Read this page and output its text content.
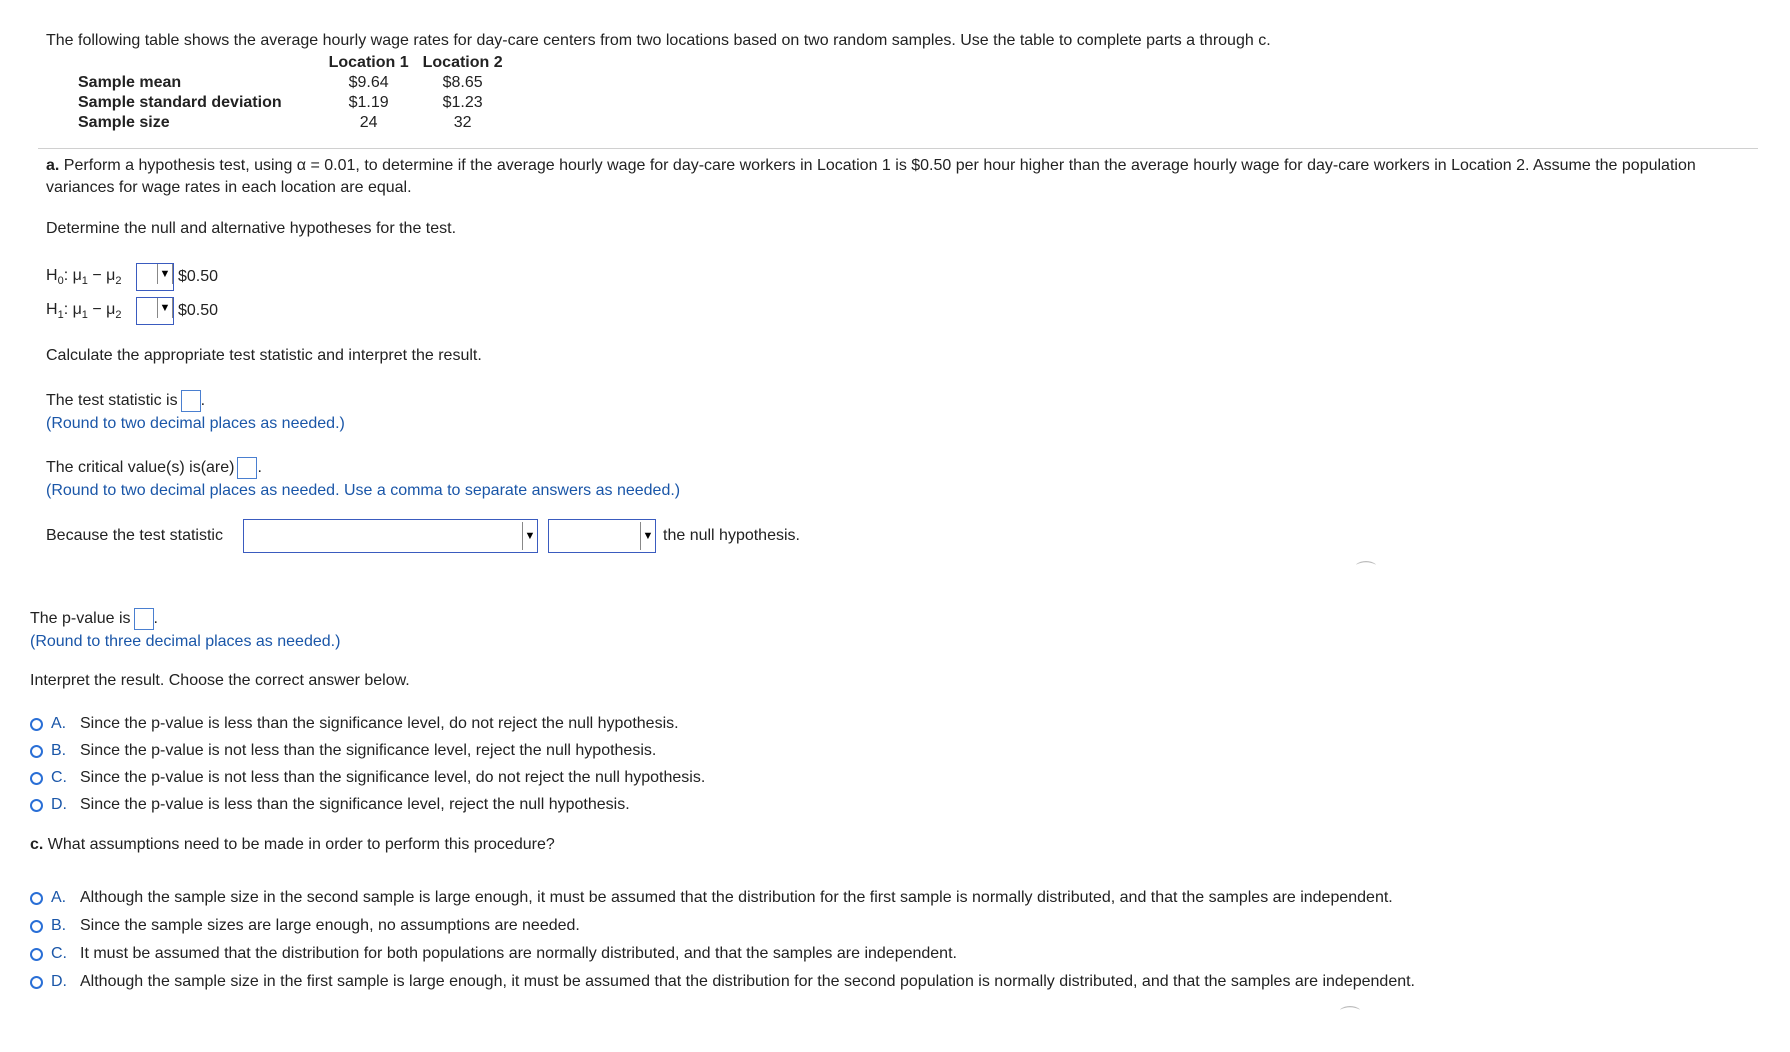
The following table shows the average hourly wage rates for day-care centers from two locations based on two random samples. Use the table to complete parts a through c.
	Location 1	Location 2
Sample mean	$9.64	$8.65
Sample standard deviation	$1.19	$1.23
Sample size	24	32
a. Perform a hypothesis test, using α = 0.01, to determine if the average hourly wage for day-care workers in Location 1 is $0.50 per hour higher than the average hourly wage for day-care workers in Location 2. Assume the population variances for wage rates in each location are equal.
Determine the null and alternative hypotheses for the test.
$H_0$: $\mu_1 - \mu_2$
▼ $0.50
$H_1$: $\mu_1 - \mu_2$
▼ $0.50
Calculate the appropriate test statistic and interpret the result.
The test statistic is .
(Round to two decimal places as needed.)
The critical value(s) is(are) .
(Round to two decimal places as needed. Use a comma to separate answers as needed.)
Because the test statistic	▼	▼ the null hypothesis.
⌒
The p-value is .
(Round to three decimal places as needed.)
Interpret the result. Choose the correct answer below.
A. Since the p-value is less than the significance level, do not reject the null hypothesis.
B. Since the p-value is not less than the significance level, reject the null hypothesis.
C. Since the p-value is not less than the significance level, do not reject the null hypothesis.
D. Since the p-value is less than the significance level, reject the null hypothesis.
c. What assumptions need to be made in order to perform this procedure?
A. Although the sample size in the second sample is large enough, it must be assumed that the distribution for the first sample is normally distributed, and that the samples are independent.
B. Since the sample sizes are large enough, no assumptions are needed.
C. It must be assumed that the distribution for both populations are normally distributed, and that the samples are independent.
D. Although the sample size in the first sample is large enough, it must be assumed that the distribution for the second population is normally distributed, and that the samples are independent.
⌒
